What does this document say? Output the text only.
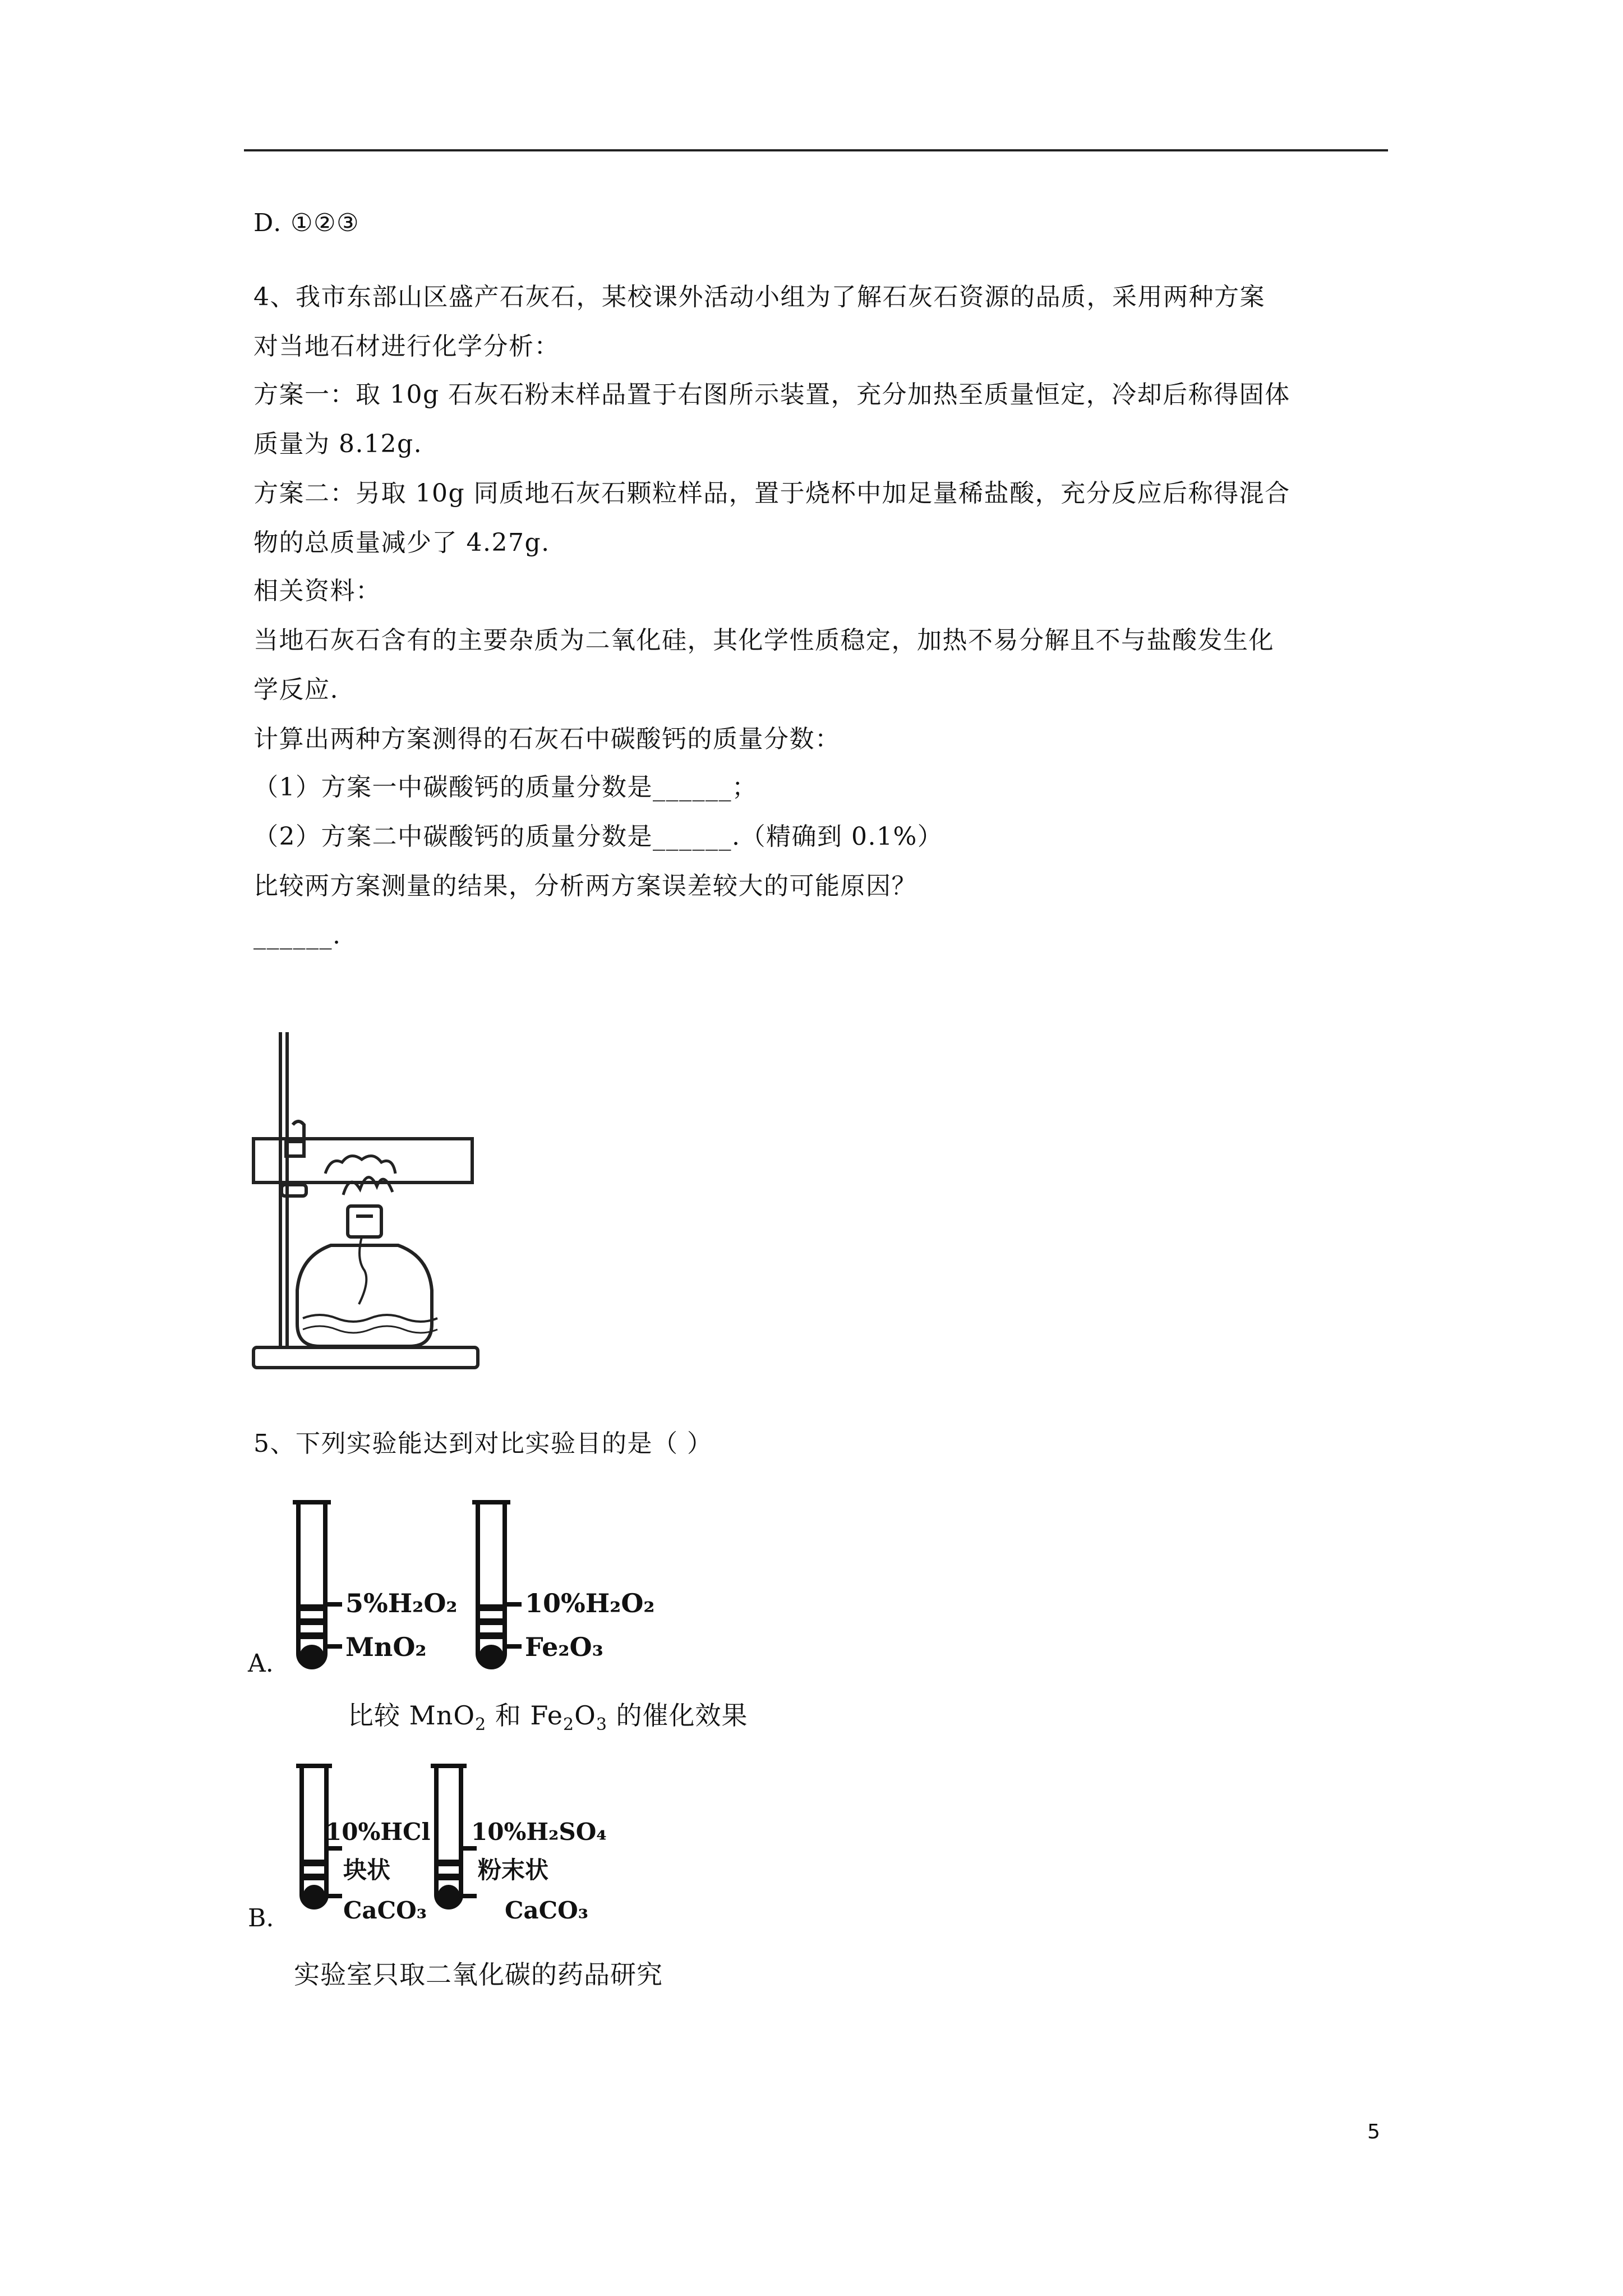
D. ①②③
4、我市东部山区盛产石灰石，某校课外活动小组为了解石灰石资源的品质，采用两种方案
对当地石材进行化学分析：
方案一：取 10g 石灰石粉末样品置于右图所示装置，充分加热至质量恒定，冷却后称得固体
质量为 8.12g.
方案二：另取 10g 同质地石灰石颗粒样品，置于烧杯中加足量稀盐酸，充分反应后称得混合
物的总质量减少了 4.27g.
相关资料：
当地石灰石含有的主要杂质为二氧化硅，其化学性质稳定，加热不易分解且不与盐酸发生化
学反应.
计算出两种方案测得的石灰石中碳酸钙的质量分数：
（1）方案一中碳酸钙的质量分数是______；
（2）方案二中碳酸钙的质量分数是______.（精确到 0.1%）
比较两方案测量的结果，分析两方案误差较大的可能原因？
______.
5、下列实验能达到对比实验目的是（ ）
A.
5%H₂O₂
MnO₂
10%H₂O₂
Fe₂O₃
比较 MnO$_2$ 和 $Fe_2O_3$ 的催化效果
B.
10%HCl
块状
CaCO₃
10%H₂SO₄
粉末状
CaCO₃
实验室只取二氧化碳的药品研究
5
